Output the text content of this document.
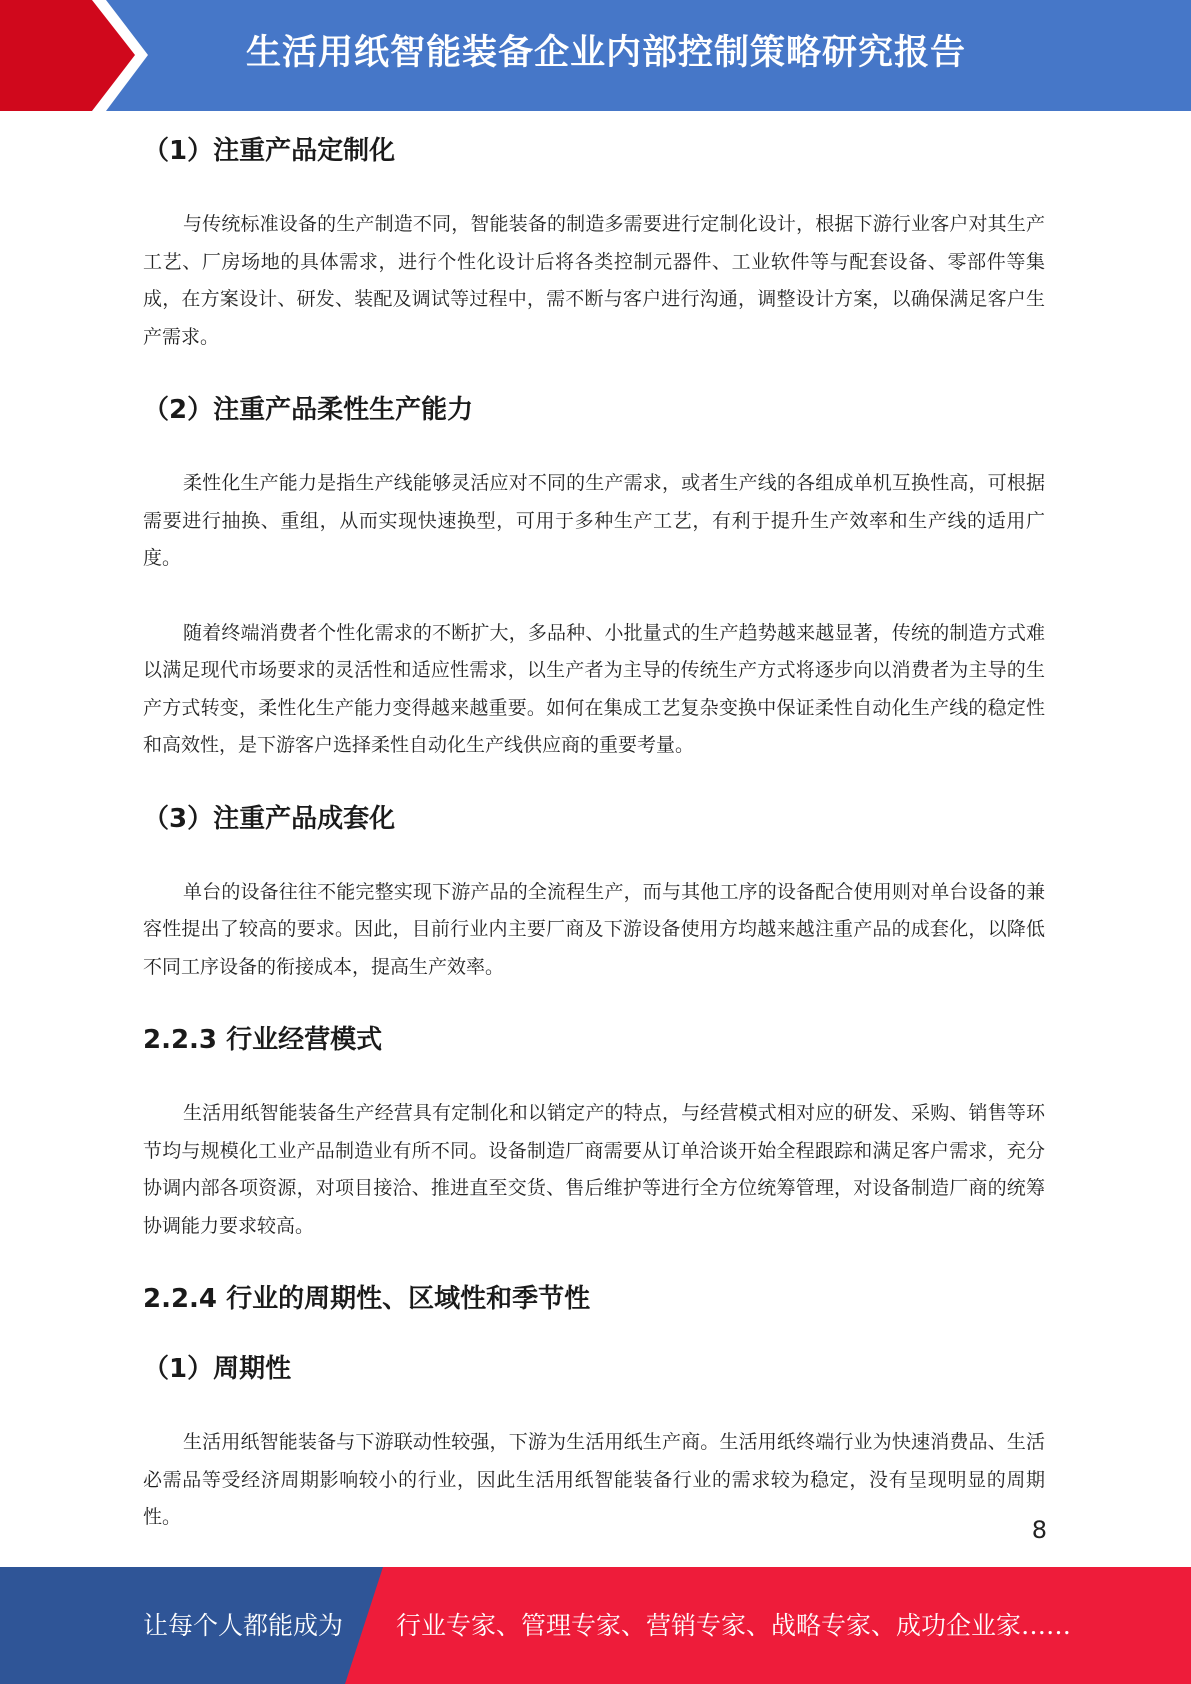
生活用纸智能装备企业内部控制策略研究报告
（1）注重产品定制化

与传统标准设备的生产制造不同，智能装备的制造多需要进行定制化设计，根据下游行业客户对其生产工艺、厂房场地的具体需求，进行个性化设计后将各类控制元器件、工业软件等与配套设备、零部件等集成，在方案设计、研发、装配及调试等过程中，需不断与客户进行沟通，调整设计方案，以确保满足客户生产需求。

（2）注重产品柔性生产能力

柔性化生产能力是指生产线能够灵活应对不同的生产需求，或者生产线的各组成单机互换性高，可根据需要进行抽换、重组，从而实现快速换型，可用于多种生产工艺，有利于提升生产效率和生产线的适用广度。

随着终端消费者个性化需求的不断扩大，多品种、小批量式的生产趋势越来越显著，传统的制造方式难以满足现代市场要求的灵活性和适应性需求，以生产者为主导的传统生产方式将逐步向以消费者为主导的生产方式转变，柔性化生产能力变得越来越重要。如何在集成工艺复杂变换中保证柔性自动化生产线的稳定性和高效性，是下游客户选择柔性自动化生产线供应商的重要考量。

（3）注重产品成套化

单台的设备往往不能完整实现下游产品的全流程生产，而与其他工序的设备配合使用则对单台设备的兼容性提出了较高的要求。因此，目前行业内主要厂商及下游设备使用方均越来越注重产品的成套化，以降低不同工序设备的衔接成本，提高生产效率。

2.2.3 行业经营模式

生活用纸智能装备生产经营具有定制化和以销定产的特点，与经营模式相对应的研发、采购、销售等环节均与规模化工业产品制造业有所不同。设备制造厂商需要从订单洽谈开始全程跟踪和满足客户需求，充分协调内部各项资源，对项目接洽、推进直至交货、售后维护等进行全方位统筹管理，对设备制造厂商的统筹协调能力要求较高。

2.2.4 行业的周期性、区域性和季节性
（1）周期性

生活用纸智能装备与下游联动性较强，下游为生活用纸生产商。生活用纸终端行业为快速消费品、生活必需品等受经济周期影响较小的行业，因此生活用纸智能装备行业的需求较为稳定，没有呈现明显的周期性。	8
让每个人都能成为 行业专家、管理专家、营销专家、战略专家、成功企业家……
